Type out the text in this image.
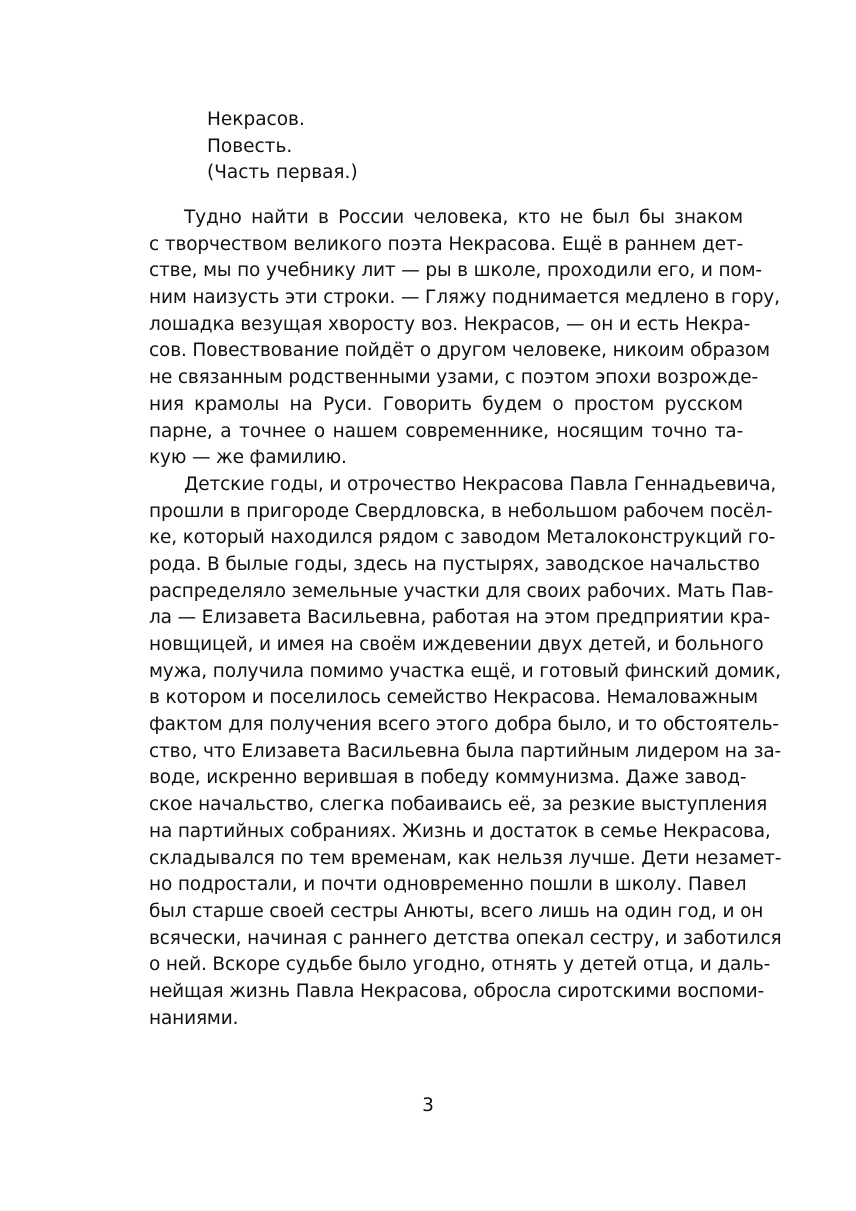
Некрасов.
Повесть.
(Часть первая.)
Тудно найти в России человека, кто не был бы знаком
с творчеством великого поэта Некрасова. Ещё в раннем дет-
стве, мы по учебнику лит — ры в школе, проходили его, и пом-
ним наизусть эти строки. — Гляжу поднимается медлено в гору,
лошадка везущая хворосту воз. Некрасов, — он и есть Некра-
сов. Повествование пойдёт о другом человеке, никоим образом
не связанным родственными узами, с поэтом эпохи возрожде-
ния крамолы на Руси. Говорить будем о простом русском
парне, а точнее о нашем современнике, носящим точно та-
кую — же фамилию.
Детские годы, и отрочество Некрасова Павла Геннадьевича,
прошли в пригороде Свердловска, в небольшом рабочем посёл-
ке, который находился рядом с заводом Металоконструкций го-
рода. В былые годы, здесь на пустырях, заводское начальство
распределяло земельные участки для своих рабочих. Мать Пав-
ла — Елизавета Васильевна, работая на этом предприятии кра-
новщицей, и имея на своём иждевении двух детей, и больного
мужа, получила помимо участка ещё, и готовый финский домик,
в котором и поселилось семейство Некрасова. Немаловажным
фактом для получения всего этого добра было, и то обстоятель-
ство, что Елизавета Васильевна была партийным лидером на за-
воде, искренно верившая в победу коммунизма. Даже завод-
ское начальство, слегка побаиваись её, за резкие выступления
на партийных собраниях. Жизнь и достаток в семье Некрасова,
складывался по тем временам, как нельзя лучше. Дети незамет-
но подростали, и почти одновременно пошли в школу. Павел
был старше своей сестры Анюты, всего лишь на один год, и он
всячески, начиная с раннего детства опекал сестру, и заботился
о ней. Вскоре судьбе было угодно, отнять у детей отца, и даль-
нейщая жизнь Павла Некрасова, обросла сиротскими воспоми-
наниями.
3
